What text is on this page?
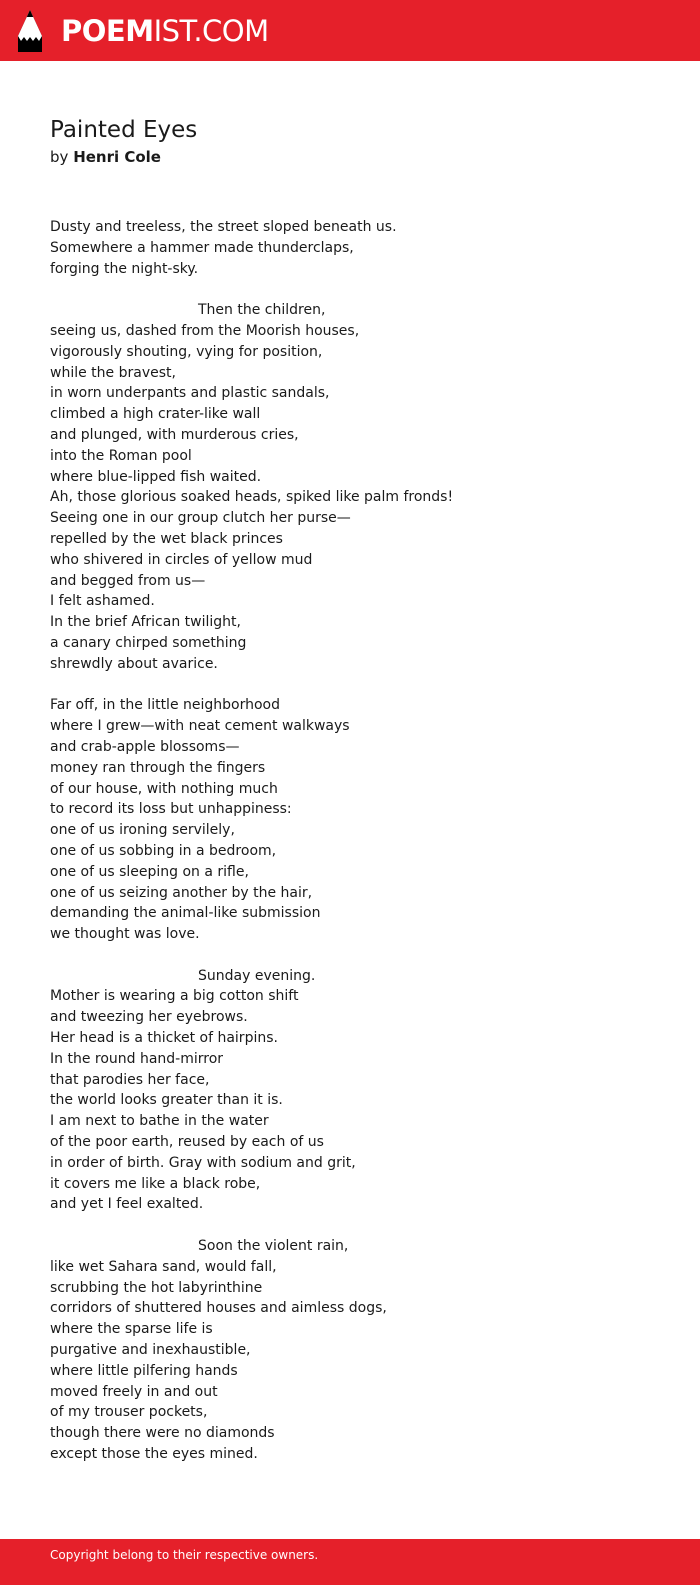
POEMIST.COM
Painted Eyes
by Henri Cole
Dusty and treeless, the street sloped beneath us.
Somewhere a hammer made thunderclaps,
forging the night-sky.
Then the children,
seeing us, dashed from the Moorish houses,
vigorously shouting, vying for position,
while the bravest,
in worn underpants and plastic sandals,
climbed a high crater-like wall
and plunged, with murderous cries,
into the Roman pool
where blue-lipped fish waited.
Ah, those glorious soaked heads, spiked like palm fronds!
Seeing one in our group clutch her purse—
repelled by the wet black princes
who shivered in circles of yellow mud
and begged from us—
I felt ashamed.
In the brief African twilight,
a canary chirped something
shrewdly about avarice.
Far off, in the little neighborhood
where I grew—with neat cement walkways
and crab-apple blossoms—
money ran through the fingers
of our house, with nothing much
to record its loss but unhappiness:
one of us ironing servilely,
one of us sobbing in a bedroom,
one of us sleeping on a rifle,
one of us seizing another by the hair,
demanding the animal-like submission
we thought was love.
Sunday evening.
Mother is wearing a big cotton shift
and tweezing her eyebrows.
Her head is a thicket of hairpins.
In the round hand-mirror
that parodies her face,
the world looks greater than it is.
I am next to bathe in the water
of the poor earth, reused by each of us
in order of birth. Gray with sodium and grit,
it covers me like a black robe,
and yet I feel exalted.
Soon the violent rain,
like wet Sahara sand, would fall,
scrubbing the hot labyrinthine
corridors of shuttered houses and aimless dogs,
where the sparse life is
purgative and inexhaustible,
where little pilfering hands
moved freely in and out
of my trouser pockets,
though there were no diamonds
except those the eyes mined.
Copyright belong to their respective owners.
